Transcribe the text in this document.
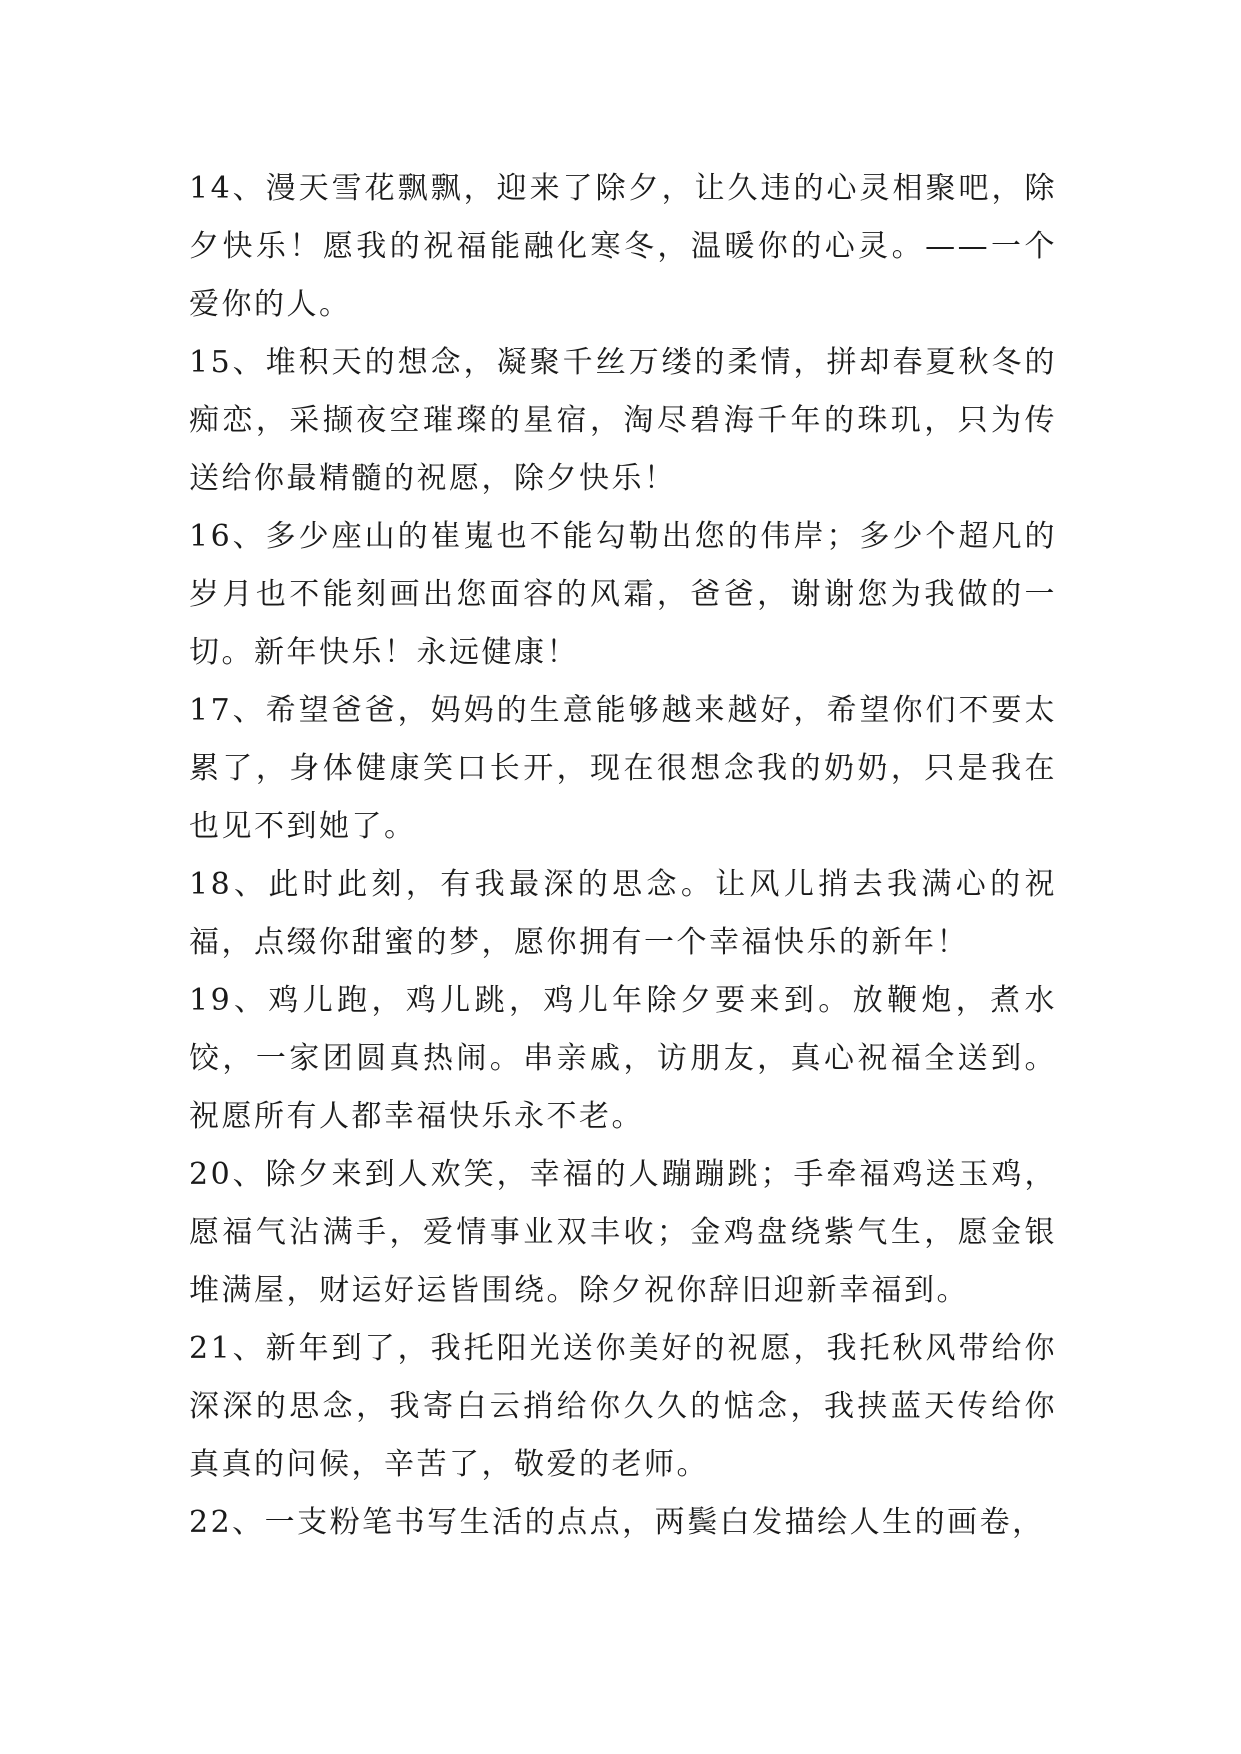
14、漫天雪花飘飘，迎来了除夕，让久违的心灵相聚吧，除夕快乐！愿我的祝福能融化寒冬，温暖你的心灵。——一个爱你的人。

15、堆积天的想念，凝聚千丝万缕的柔情，拼却春夏秋冬的痴恋，采撷夜空璀璨的星宿，淘尽碧海千年的珠玑，只为传送给你最精髓的祝愿，除夕快乐！

16、多少座山的崔嵬也不能勾勒出您的伟岸；多少个超凡的岁月也不能刻画出您面容的风霜，爸爸，谢谢您为我做的一切。新年快乐！永远健康！

17、希望爸爸，妈妈的生意能够越来越好，希望你们不要太累了，身体健康笑口长开，现在很想念我的奶奶，只是我在也见不到她了。

18、此时此刻，有我最深的思念。让风儿捎去我满心的祝福，点缀你甜蜜的梦，愿你拥有一个幸福快乐的新年！

19、鸡儿跑，鸡儿跳，鸡儿年除夕要来到。放鞭炮，煮水饺，一家团圆真热闹。串亲戚，访朋友，真心祝福全送到。祝愿所有人都幸福快乐永不老。

20、除夕来到人欢笑，幸福的人蹦蹦跳；手牵福鸡送玉鸡，愿福气沾满手，爱情事业双丰收；金鸡盘绕紫气生，愿金银堆满屋，财运好运皆围绕。除夕祝你辞旧迎新幸福到。

21、新年到了，我托阳光送你美好的祝愿，我托秋风带给你深深的思念，我寄白云捎给你久久的惦念，我挟蓝天传给你真真的问候，辛苦了，敬爱的老师。

22、一支粉笔书写生活的点点，两鬓白发描绘人生的画卷，
